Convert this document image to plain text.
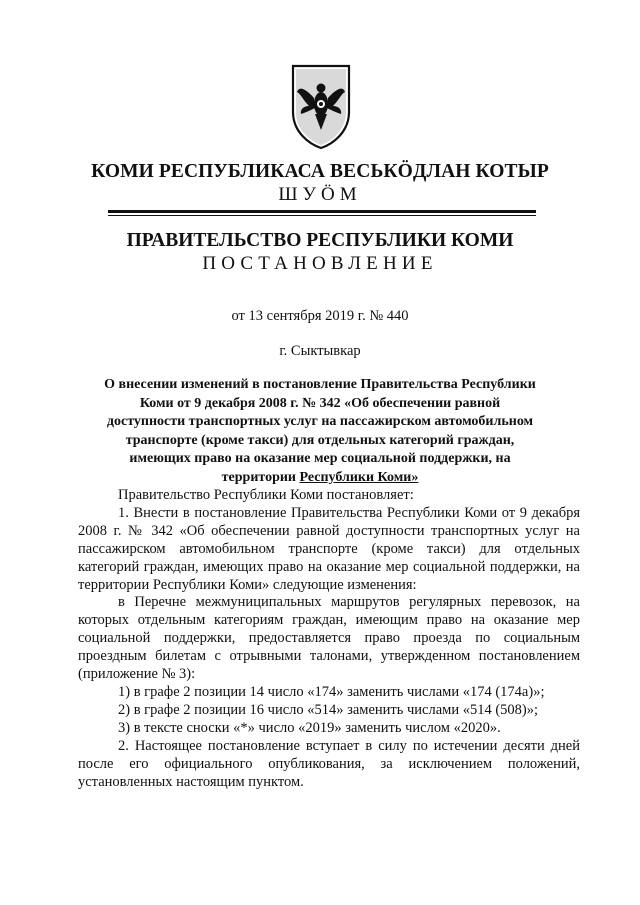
КОМИ РЕСПУБЛИКАСА ВЕСЬКӦДЛАН КОТЫР
ШУӦМ
ПРАВИТЕЛЬСТВО РЕСПУБЛИКИ КОМИ
ПОСТАНОВЛЕНИЕ
от 13 сентября 2019 г. № 440
г. Сыктывкар
О внесении изменений в постановление Правительства Республики Коми от 9 декабря 2008 г. № 342 «Об обеспечении равной доступности транспортных услуг на пассажирском автомобильном транспорте (кроме такси) для отдельных категорий граждан, имеющих право на оказание мер социальной поддержки, на территории Республики Коми»

Правительство Республики Коми постановляет:

1. Внести в постановление Правительства Республики Коми от 9 декабря 2008 г. № 342 «Об обеспечении равной доступности транспортных услуг на пассажирском автомобильном транспорте (кроме такси) для отдельных категорий граждан, имеющих право на оказание мер социальной поддержки, на территории Республики Коми» следующие изменения:

в Перечне межмуниципальных маршрутов регулярных перевозок, на которых отдельным категориям граждан, имеющим право на оказание мер социальной поддержки, предоставляется право проезда по социальным проездным билетам с отрывными талонами, утвержденном постановлением (приложение № 3):

1) в графе 2 позиции 14 число «174» заменить числами «174 (174а)»;

2) в графе 2 позиции 16 число «514» заменить числами «514 (508)»;

3) в тексте сноски «*» число «2019» заменить числом «2020».

2. Настоящее постановление вступает в силу по истечении десяти дней после его официального опубликования, за исключением положений, установленных настоящим пунктом.
